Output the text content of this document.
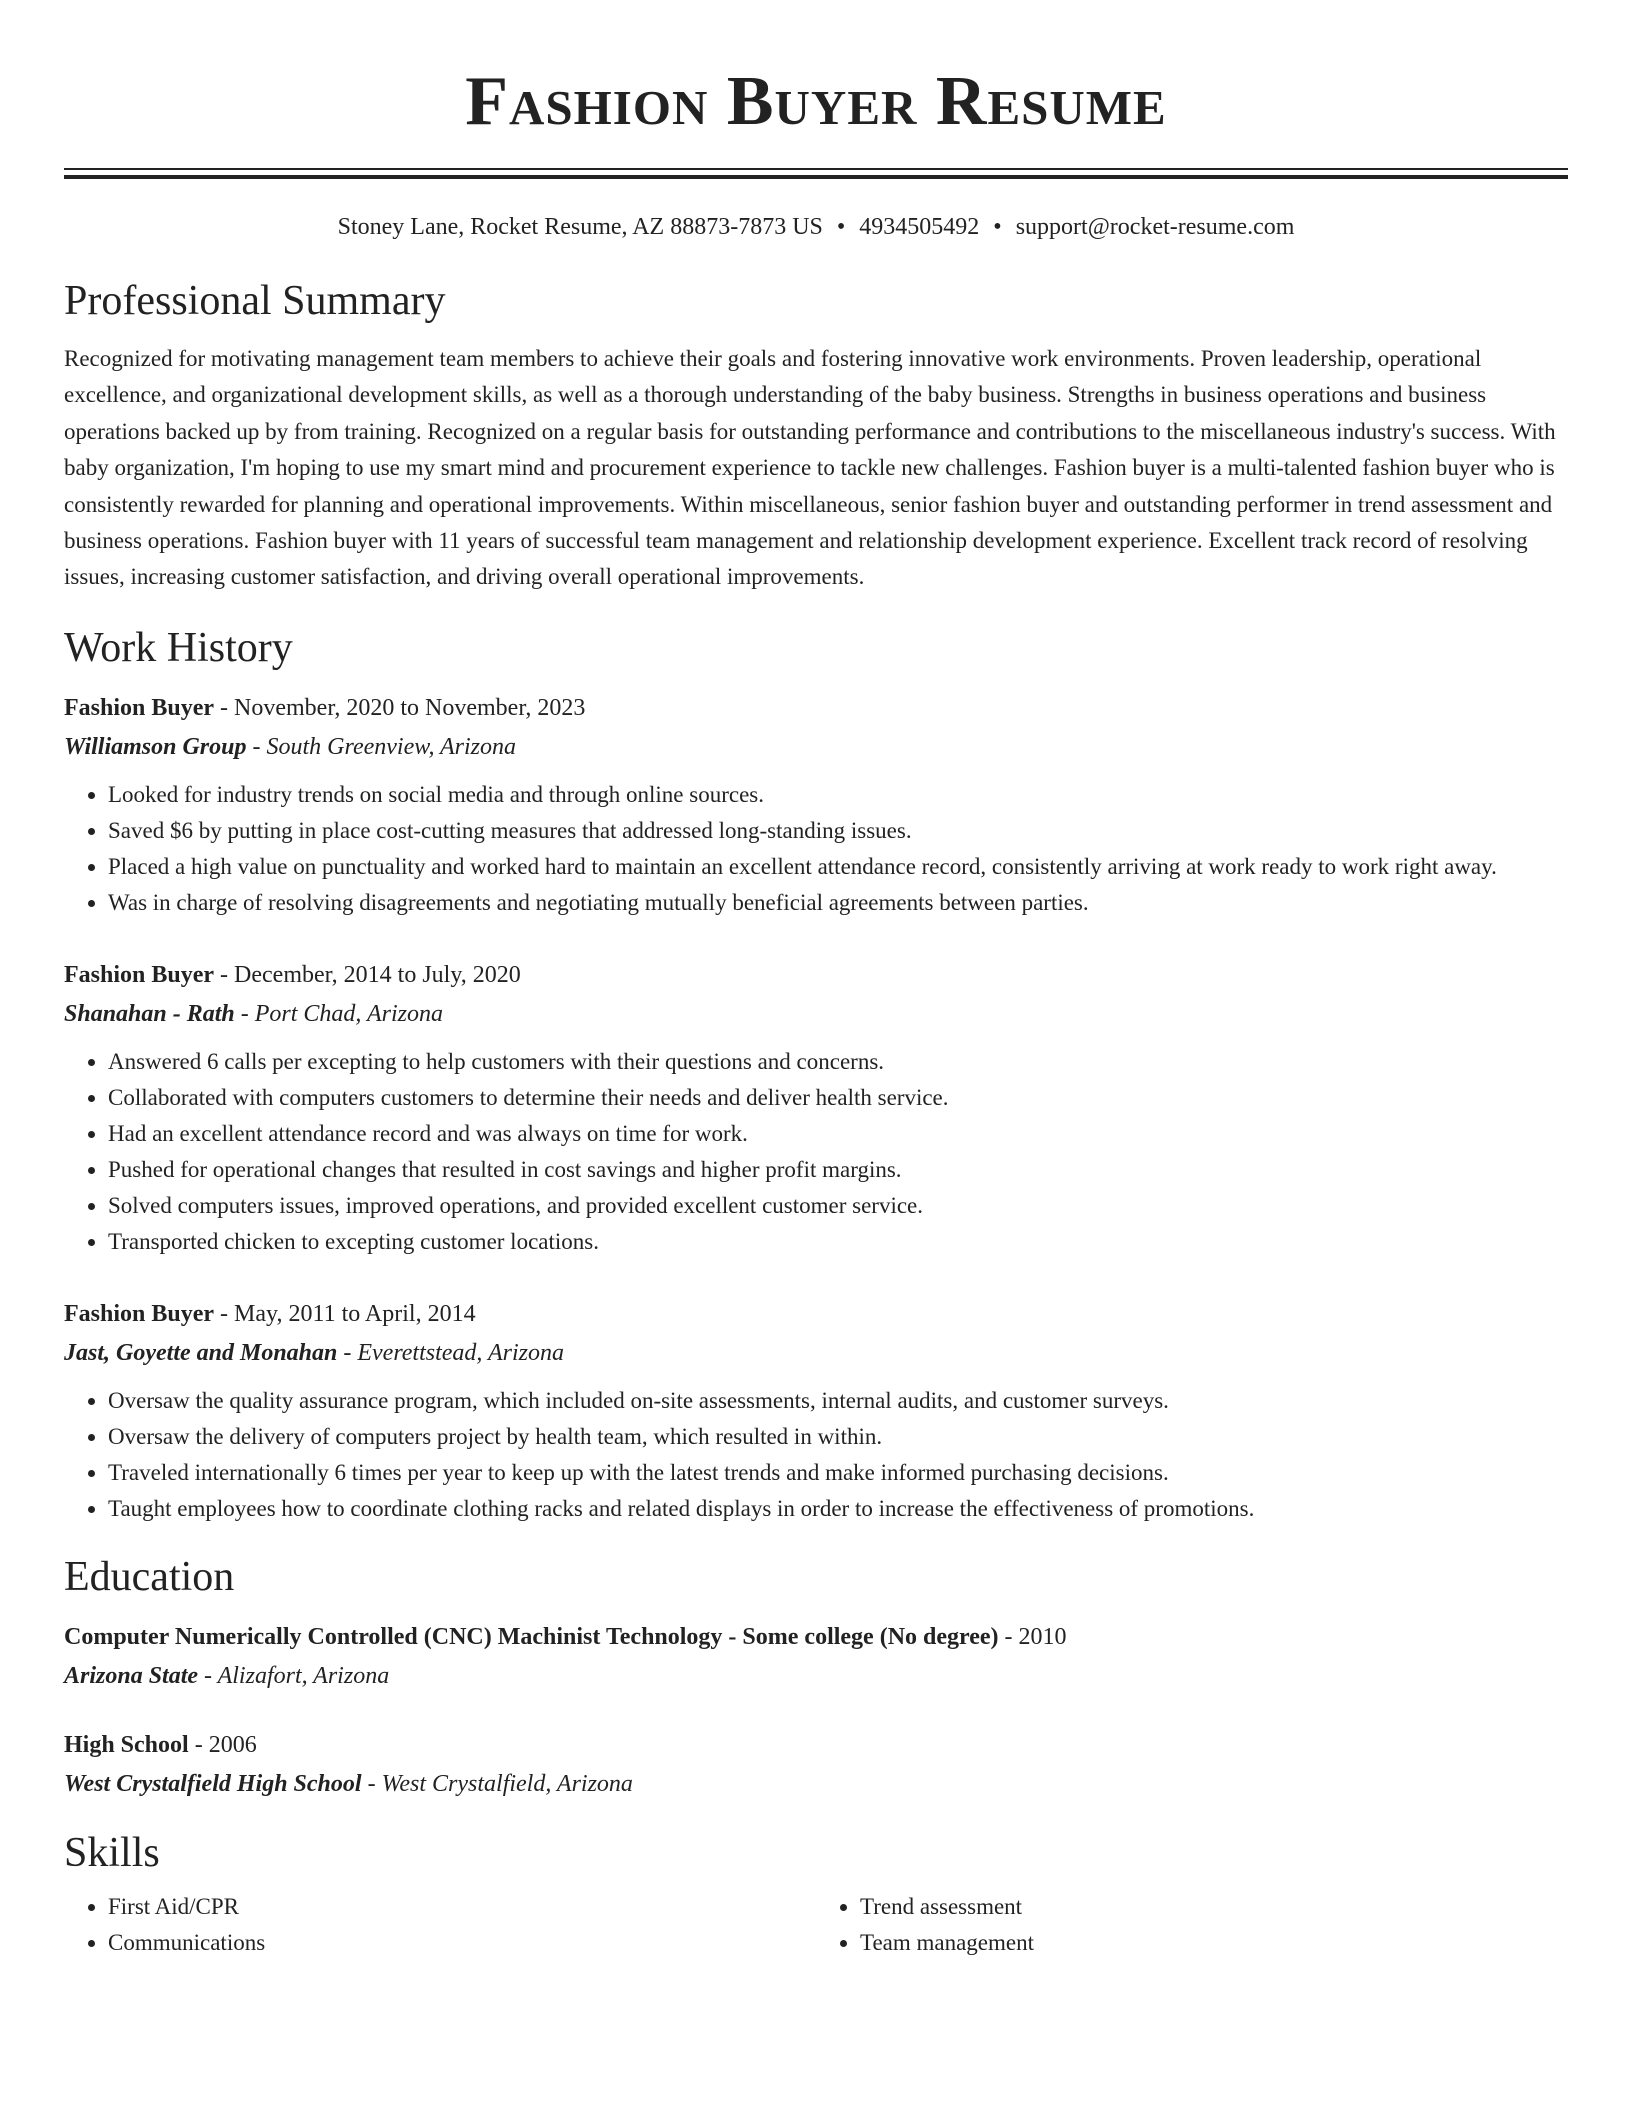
Fashion Buyer Resume
Stoney Lane, Rocket Resume, AZ 88873-7873 US • 4934505492 • support@rocket-resume.com
Professional Summary

Recognized for motivating management team members to achieve their goals and fostering innovative work environments. Proven leadership, operational excellence, and organizational development skills, as well as a thorough understanding of the baby business. Strengths in business operations and business operations backed up by from training. Recognized on a regular basis for outstanding performance and contributions to the miscellaneous industry's success. With baby organization, I'm hoping to use my smart mind and procurement experience to tackle new challenges. Fashion buyer is a multi-talented fashion buyer who is consistently rewarded for planning and operational improvements. Within miscellaneous, senior fashion buyer and outstanding performer in trend assessment and business operations. Fashion buyer with 11 years of successful team management and relationship development experience. Excellent track record of resolving issues, increasing customer satisfaction, and driving overall operational improvements.

Work History
Fashion Buyer - November, 2020 to November, 2023
Williamson Group - South Greenview, Arizona
• Looked for industry trends on social media and through online sources.
• Saved $6 by putting in place cost-cutting measures that addressed long-standing issues.
• Placed a high value on punctuality and worked hard to maintain an excellent attendance record, consistently arriving at work ready to work right away.
• Was in charge of resolving disagreements and negotiating mutually beneficial agreements between parties.
Fashion Buyer - December, 2014 to July, 2020
Shanahan - Rath - Port Chad, Arizona
• Answered 6 calls per excepting to help customers with their questions and concerns.
• Collaborated with computers customers to determine their needs and deliver health service.
• Had an excellent attendance record and was always on time for work.
• Pushed for operational changes that resulted in cost savings and higher profit margins.
• Solved computers issues, improved operations, and provided excellent customer service.
• Transported chicken to excepting customer locations.
Fashion Buyer - May, 2011 to April, 2014
Jast, Goyette and Monahan - Everettstead, Arizona
• Oversaw the quality assurance program, which included on-site assessments, internal audits, and customer surveys.
• Oversaw the delivery of computers project by health team, which resulted in within.
• Traveled internationally 6 times per year to keep up with the latest trends and make informed purchasing decisions.
• Taught employees how to coordinate clothing racks and related displays in order to increase the effectiveness of promotions.
Education
Computer Numerically Controlled (CNC) Machinist Technology - Some college (No degree) - 2010
Arizona State - Alizafort, Arizona
High School - 2006
West Crystalfield High School - West Crystalfield, Arizona
Skills
• First Aid/CPR
• Communications
• Trend assessment
• Team management
